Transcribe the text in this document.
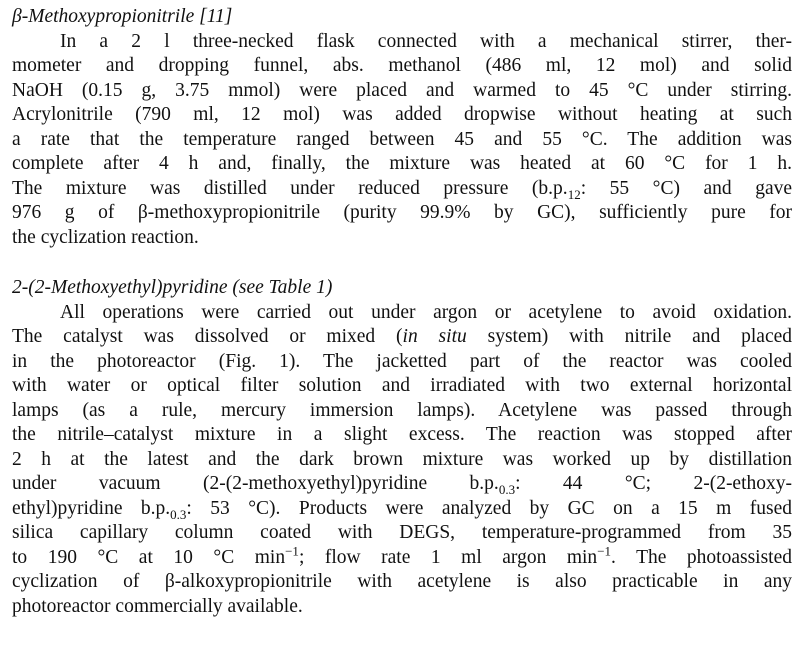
β-Methoxypropionitrile [11]

In a 2 l three-necked flask connected with a mechanical stirrer, ther-
mometer and dropping funnel, abs. methanol (486 ml, 12 mol) and solid
NaOH (0.15 g, 3.75 mmol) were placed and warmed to 45 °C under stirring.
Acrylonitrile (790 ml, 12 mol) was added dropwise without heating at such
a rate that the temperature ranged between 45 and 55 °C. The addition was
complete after 4 h and, finally, the mixture was heated at 60 °C for 1 h.
The mixture was distilled under reduced pressure ($b.p._{12}$: 55 °C) and gave
976 g of β-methoxypropionitrile (purity 99.9% by GC), sufficiently pure for
the cyclization reaction.

2-(2-Methoxyethyl)pyridine (see Table 1)

All operations were carried out under argon or acetylene to avoid oxidation.
The catalyst was dissolved or mixed (in situ system) with nitrile and placed
in the photoreactor (Fig. 1). The jacketted part of the reactor was cooled
with water or optical filter solution and irradiated with two external horizontal
lamps (as a rule, mercury immersion lamps). Acetylene was passed through
the nitrile–catalyst mixture in a slight excess. The reaction was stopped after
2 h at the latest and the dark brown mixture was worked up by distillation
under vacuum (2-(2-methoxyethyl)pyridine $b.p._{0.3}$: 44 °C; 2-(2-ethoxy-
ethyl)pyridine $b.p._{0.3}$: 53 °C). Products were analyzed by GC on a 15 m fused
silica capillary column coated with DEGS, temperature-programmed from 35
to 190 °C at 10 °C $\min^{-1}$; flow rate 1 ml argon $\min^{-1}$. The photoassisted
cyclization of β-alkoxypropionitrile with acetylene is also practicable in any
photoreactor commercially available.
